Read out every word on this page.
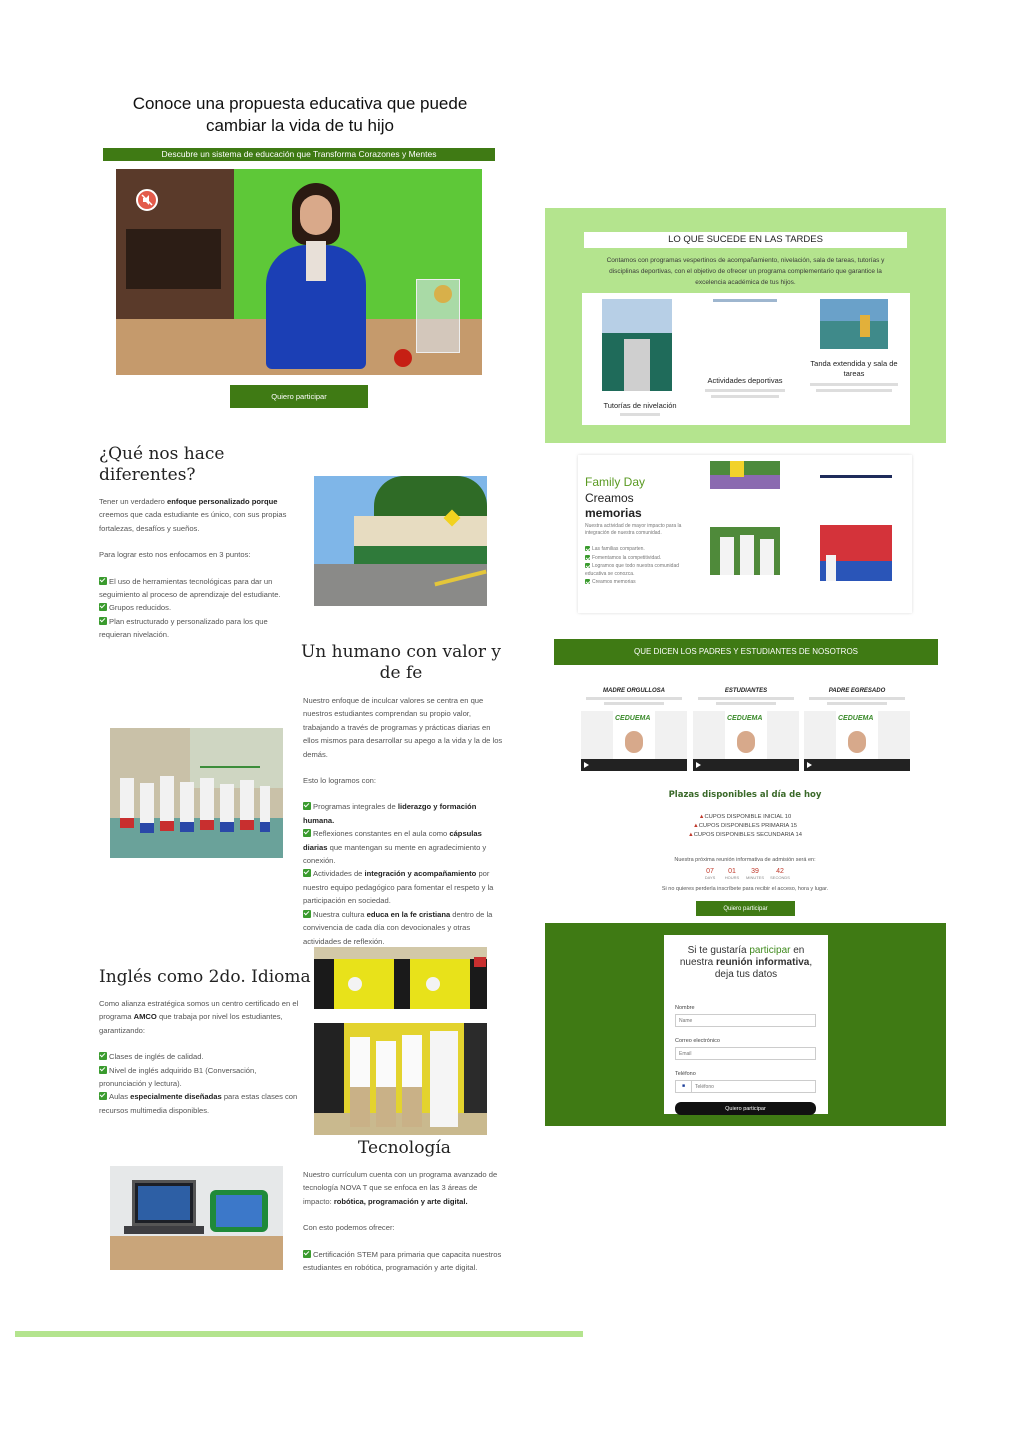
Conoce una propuesta educativa que puede
cambiar la vida de tu hijo
Descubre un sistema de educación que Transforma Corazones y Mentes
Quiero participar
¿Qué nos hace
diferentes?

Tener un verdadero enfoque personalizado porque creemos que cada estudiante es único, con sus propias fortalezas, desafíos y sueños.

Para lograr esto nos enfocamos en 3 puntos:

El uso de herramientas tecnológicas para dar un seguimiento al proceso de aprendizaje del estudiante.

Grupos reducidos.

Plan estructurado y personalizado para los que requieran nivelación.

Un humano con valor y
de fe

Nuestro enfoque de inculcar valores se centra en que nuestros estudiantes comprendan su propio valor, trabajando a través de programas y prácticas diarias en ellos mismos para desarrollar su apego a la vida y la de los demás.

Esto lo logramos con:

Programas integrales de liderazgo y formación humana.

Reflexiones constantes en el aula como cápsulas diarias que mantengan su mente en agradecimiento y conexión.

Actividades de integración y acompañamiento por nuestro equipo pedagógico para fomentar el respeto y la participación en sociedad.

Nuestra cultura educa en la fe cristiana dentro de la convivencia de cada día con devocionales y otras actividades de reflexión.

Inglés como 2do. Idioma

Como alianza estratégica somos un centro certificado en el programa AMCO que trabaja por nivel los estudiantes, garantizando:

Clases de inglés de calidad.

Nivel de inglés adquirido B1 (Conversación, pronunciación y lectura).

Aulas especialmente diseñadas para estas clases con recursos multimedia disponibles.

Tecnología

Nuestro currículum cuenta con un programa avanzado de tecnología NOVA T que se enfoca en las 3 áreas de impacto: robótica, programación y arte digital.

Con esto podemos ofrecer:

Certificación STEM para primaria que capacita nuestros estudiantes en robótica, programación y arte digital.

LO QUE SUCEDE EN LAS TARDES
Contamos con programas vespertinos de acompañamiento, nivelación, sala de tareas, tutorías y disciplinas deportivas, con el objetivo de ofrecer un programa complementario que garantice la excelencia académica de tus hijos.
Tutorías de nivelación
Actividades deportivas
Tanda extendida y sala de tareas
Family Day
Creamos
memorias
Nuestra actividad de mayor impacto para la integración de nuestra comunidad.
Las familias comparten.
Fomentamos la competitividad.
Logramos que todo nuestra comunidad educativa se conozca.
Creamos memorias
QUE DICEN LOS PADRES Y ESTUDIANTES DE NOSOTROS
MADRE ORGULLOSA
CEDUEMA
ESTUDIANTES
CEDUEMA
PADRE EGRESADO
CEDUEMA
Plazas disponibles al día de hoy
▲CUPOS DISPONIBLE INICIAL 10
▲CUPOS DISPONIBLES PRIMARIA 15
▲CUPOS DISPONIBLES SECUNDARIA 14
Nuestra próxima reunión informativa de admisión será en:
07
DAYS
01
HOURS
39
MINUTES
42
SECONDS
Si no quieres perderla inscríbete para recibir el acceso, hora y lugar.
Quiero participar
Si te gustaría participar en nuestra reunión informativa, deja tus datos
Nombre
Name
Correo electrónico
Email
Teléfono
■
Teléfono
Quiero participar
